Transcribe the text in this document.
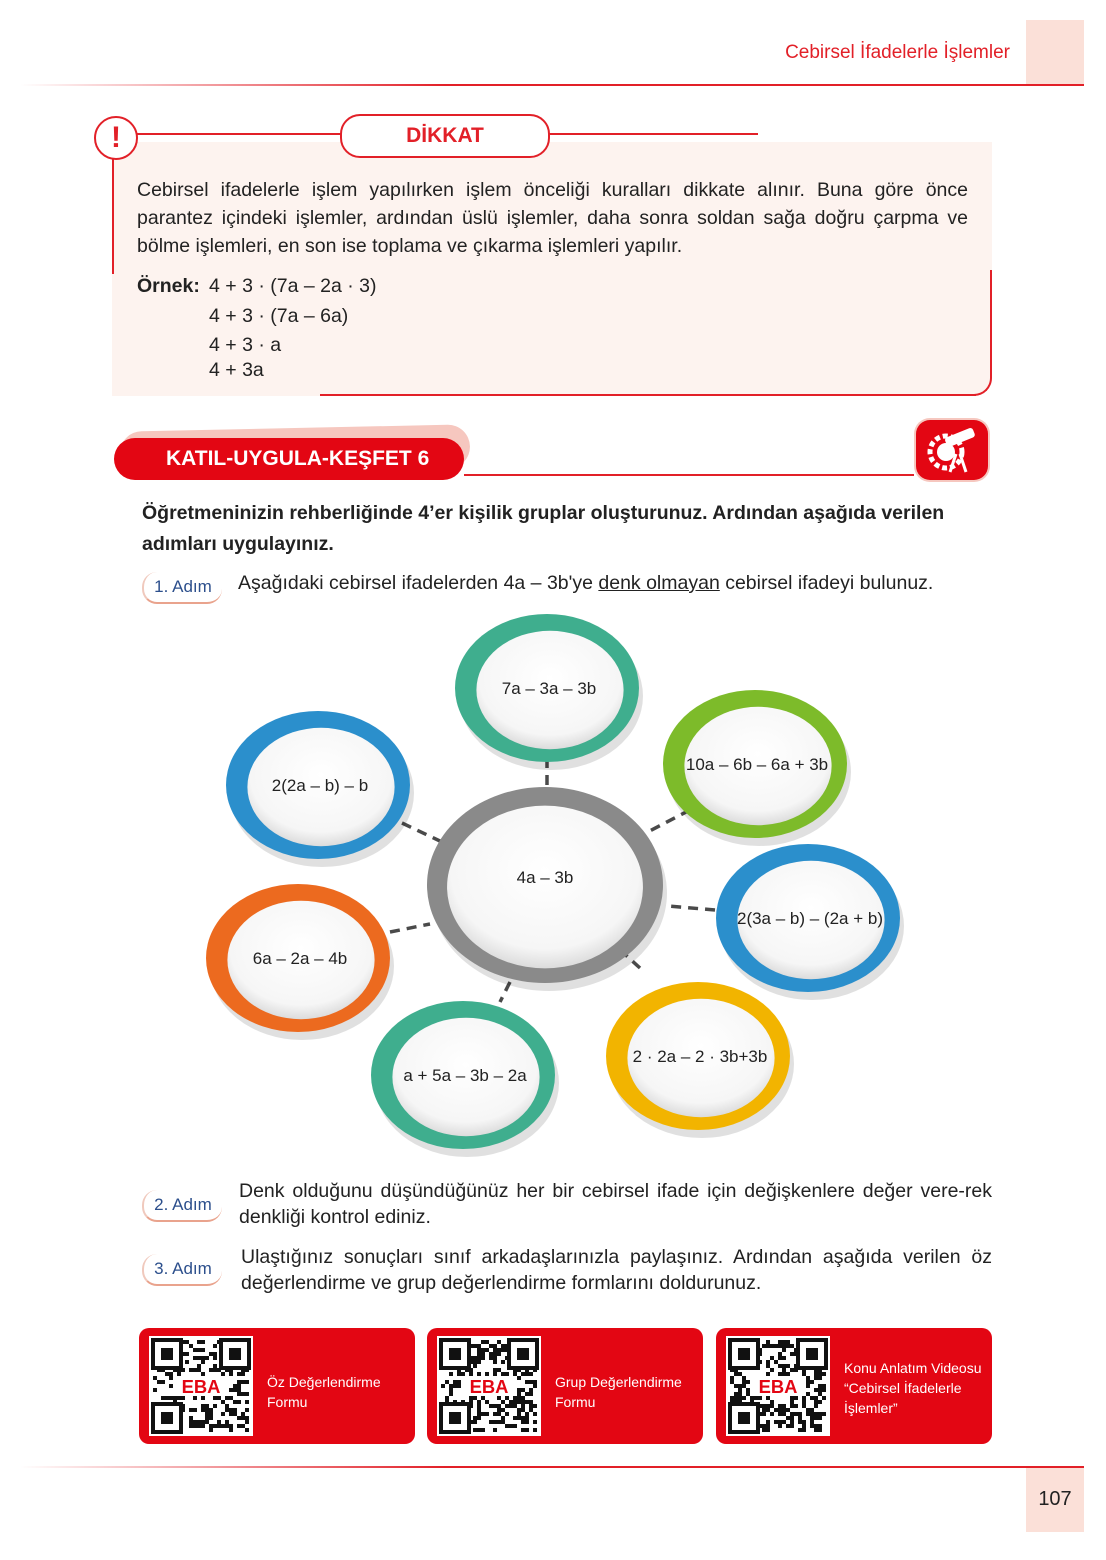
Cebirsel İfadelerle İşlemler
!	DİKKAT
Cebirsel ifadelerle işlem yapılırken işlem önceliği kuralları dikkate alınır. Buna göre önce parantez içindeki işlemler, ardından üslü işlemler, daha sonra soldan sağa doğru çarpma ve bölme işlemleri, en son ise toplama ve çıkarma işlemleri yapılır.
Örnek: 4 + 3 · (7a – 2a · 3)
4 + 3 · (7a – 6a)
4 + 3 · a
4 + 3a
KATIL-UYGULA-KEŞFET 6
Öğretmeninizin rehberliğinde 4’er kişilik gruplar oluşturunuz. Ardından aşağıda verilen adımları uygulayınız.
1. Adım	Aşağıdaki cebirsel ifadelerden 4a – 3b'ye denk olmayan cebirsel ifadeyi bulunuz.
7a – 3a – 3b
10a – 6b – 6a + 3b
2(3a – b) – (2a + b)
2 · 2a – 2 · 3b+3b
a + 5a – 3b – 2a
6a – 2a – 4b
2(2a – b) – b
4a – 3b
2. Adım
Denk olduğunu düşündüğünüz her bir cebirsel ifade için değişkenlere değer vere-rek denkliği kontrol ediniz.
3. Adım
Ulaştığınız sonuçları sınıf arkadaşlarınızla paylaşınız. Ardından aşağıda verilen öz değerlendirme ve grup değerlendirme formlarını doldurunuz.
EBA	Öz Değerlendirme
Formu
EBA	Grup Değerlendirme
Formu
EBA
Konu Anlatım Videosu
“Cebirsel İfadelerle
İşlemler”
107
